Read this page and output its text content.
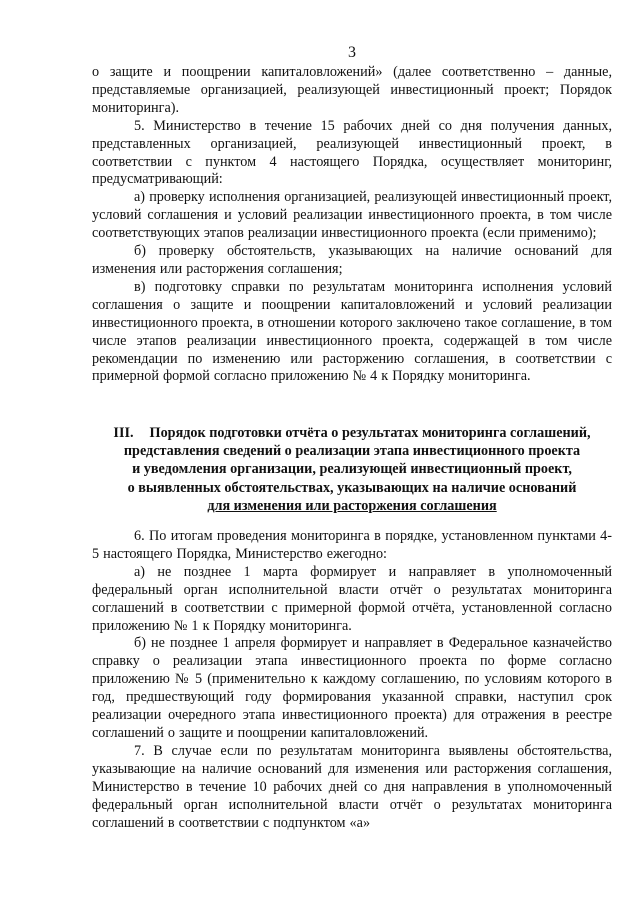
3

о защите и поощрении капиталовложений» (далее соответственно – данные, представляемые организацией, реализующей инвестиционный проект; Порядок мониторинга).

5. Министерство в течение 15 рабочих дней со дня получения данных, представленных организацией, реализующей инвестиционный проект, в соответствии с пунктом 4 настоящего Порядка, осуществляет мониторинг, предусматривающий:

а) проверку исполнения организацией, реализующей инвестиционный проект, условий соглашения и условий реализации инвестиционного проекта, в том числе соответствующих этапов реализации инвестиционного проекта (если применимо);

б) проверку обстоятельств, указывающих на наличие оснований для изменения или расторжения соглашения;

в) подготовку справки по результатам мониторинга исполнения условий соглашения о защите и поощрении капиталовложений и условий реализации инвестиционного проекта, в отношении которого заключено такое соглашение, в том числе этапов реализации инвестиционного проекта, содержащей в том числе рекомендации по изменению или расторжению соглашения, в соответствии с примерной формой согласно приложению № 4 к Порядку мониторинга.

III. Порядок подготовки отчёта о результатах мониторинга соглашений,
представления сведений о реализации этапа инвестиционного проекта
и уведомления организации, реализующей инвестиционный проект,
о выявленных обстоятельствах, указывающих на наличие оснований
для изменения или расторжения соглашения

6. По итогам проведения мониторинга в порядке, установленном пунктами 4-5 настоящего Порядка, Министерство ежегодно:

а) не позднее 1 марта формирует и направляет в уполномоченный федеральный орган исполнительной власти отчёт о результатах мониторинга соглашений в соответствии с примерной формой отчёта, установленной согласно приложению № 1 к Порядку мониторинга.

б) не позднее 1 апреля формирует и направляет в Федеральное казначейство справку о реализации этапа инвестиционного проекта по форме согласно приложению № 5 (применительно к каждому соглашению, по условиям которого в год, предшествующий году формирования указанной справки, наступил срок реализации очередного этапа инвестиционного проекта) для отражения в реестре соглашений о защите и поощрении капиталовложений.

7. В случае если по результатам мониторинга выявлены обстоятельства, указывающие на наличие оснований для изменения или расторжения соглашения, Министерство в течение 10 рабочих дней со дня направления в уполномоченный федеральный орган исполнительной власти отчёт о результатах мониторинга соглашений в соответствии с подпунктом «а»
